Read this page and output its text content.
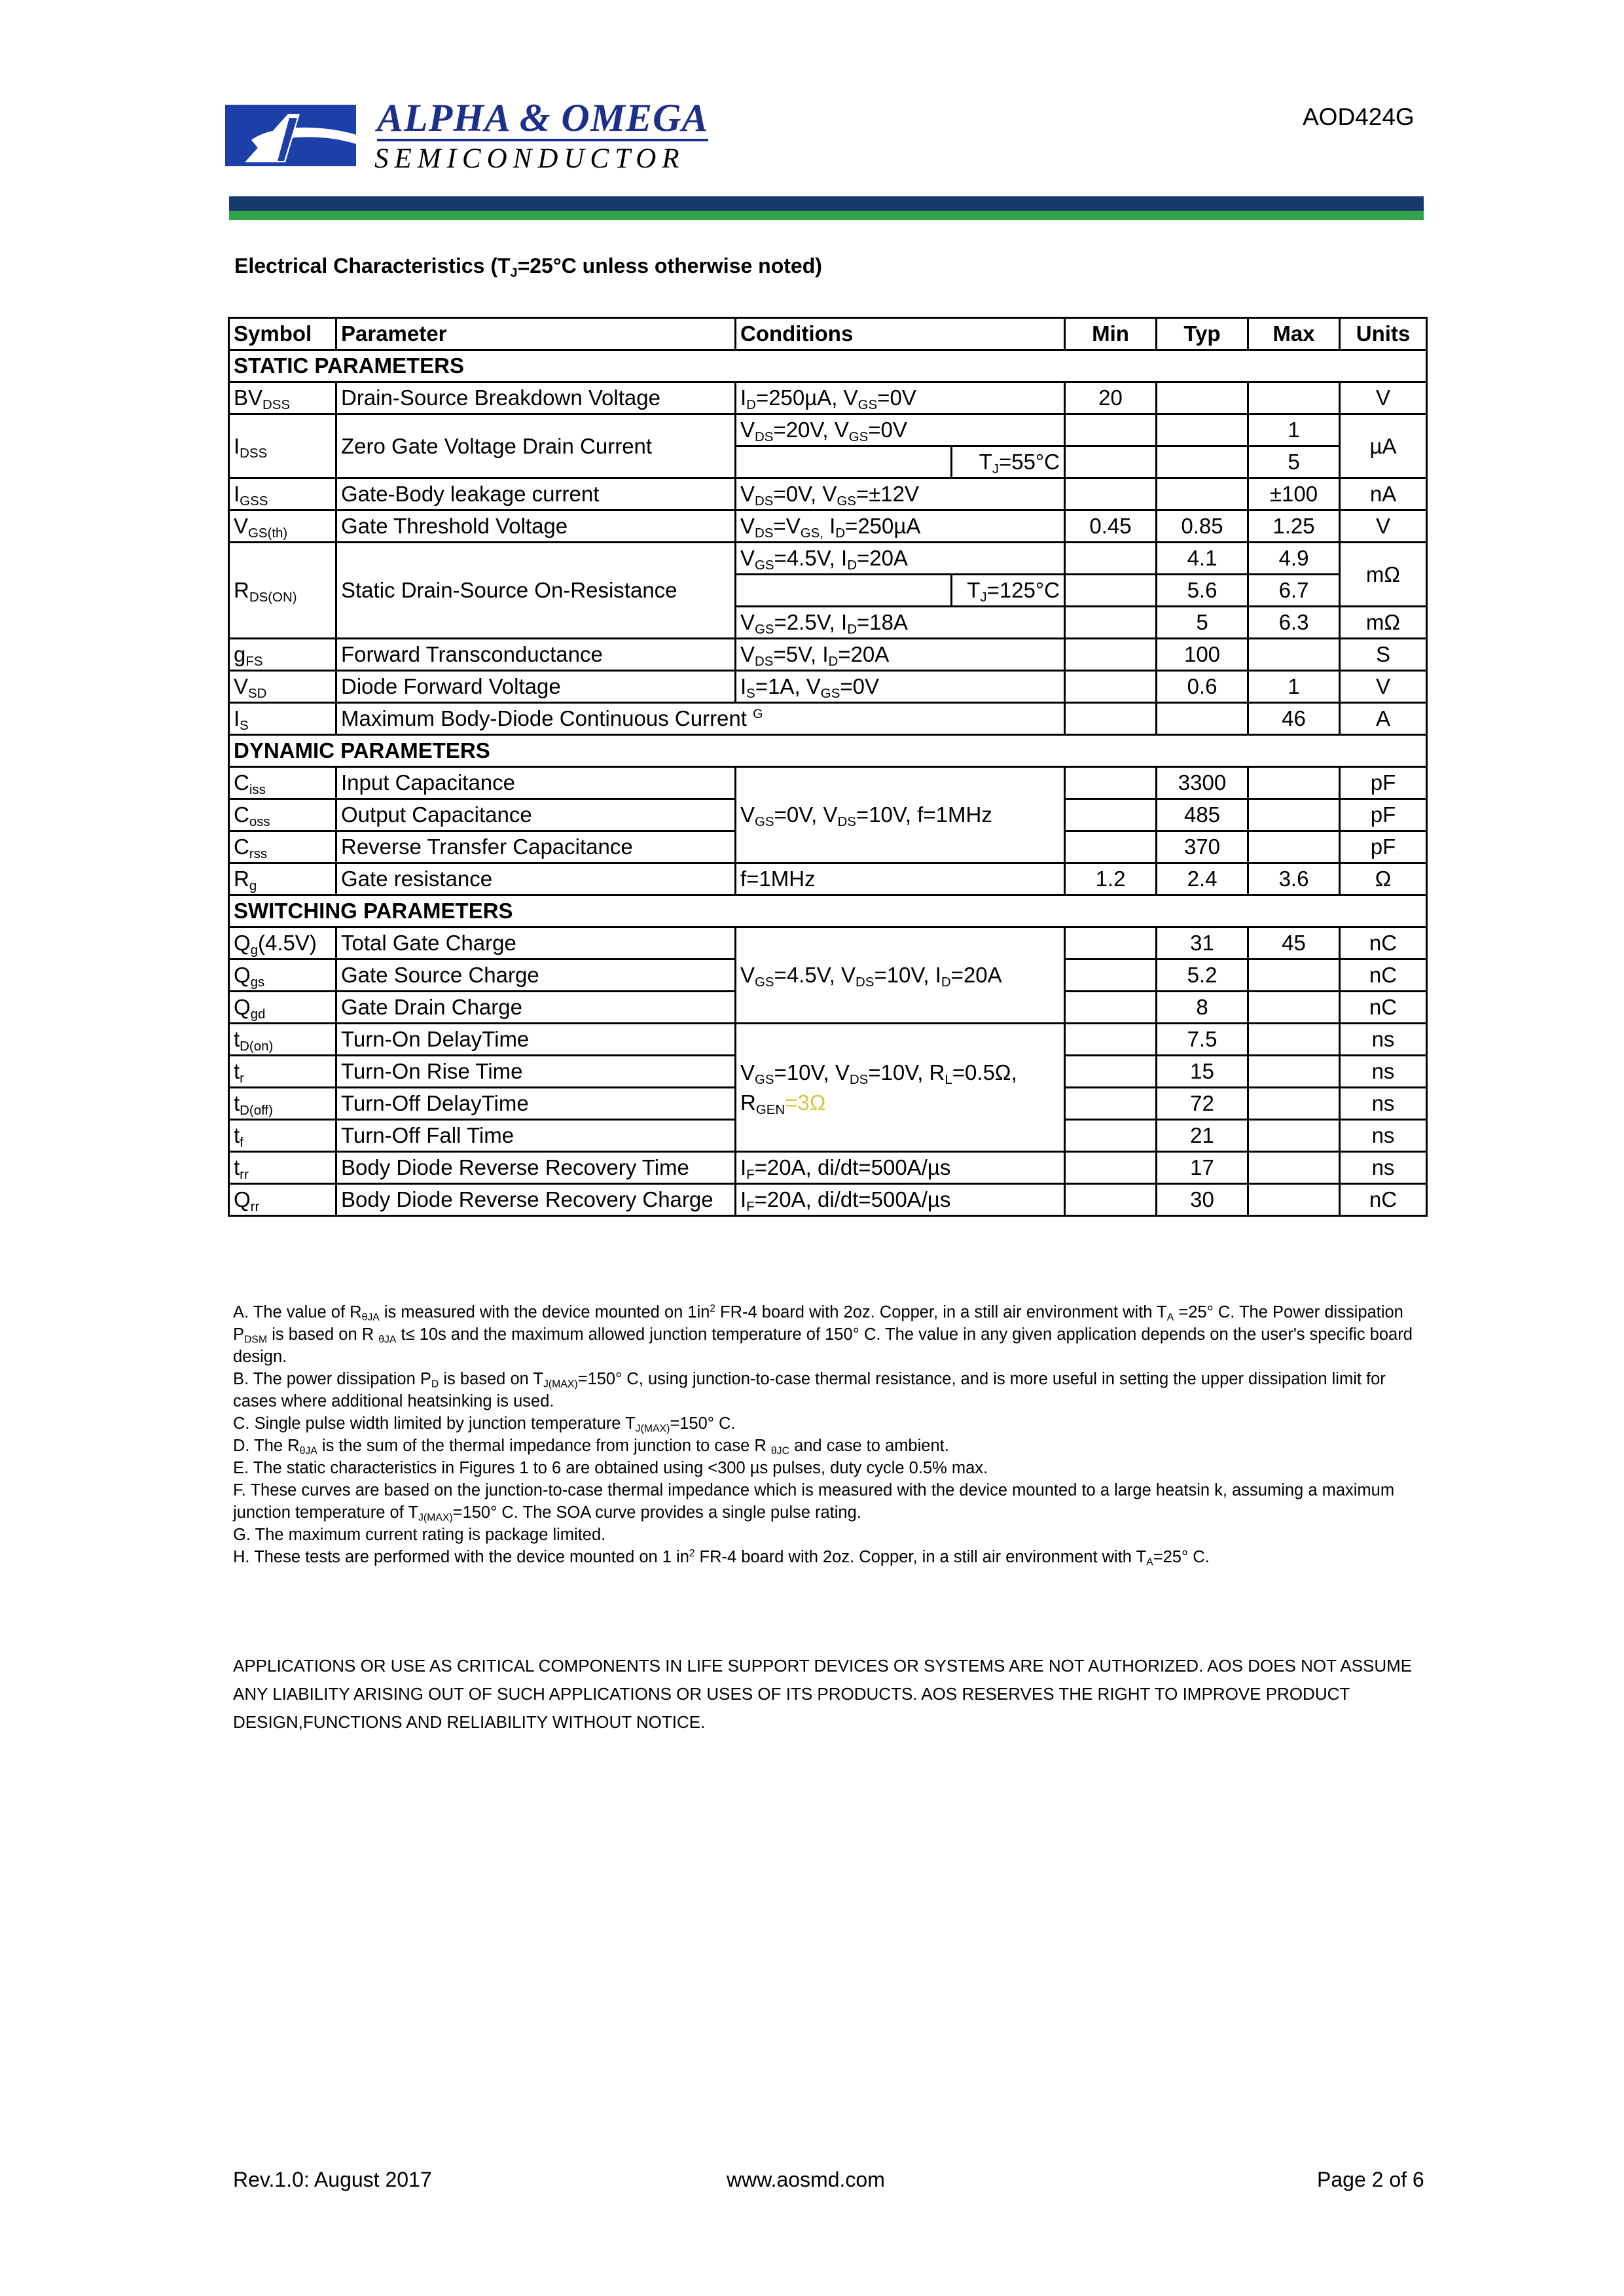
ALPHA & OMEGA
SEMICONDUCTOR
AOD424G
Electrical Characteristics ($T_J=25^\circ C$ unless otherwise noted)
Symbol	Parameter	Conditions		Min	Typ	Max	Units
STATIC PARAMETERS							
$BV_{DSS}$	Drain-Source Breakdown Voltage	$I_D=250\mu A$, $V_{GS}=0V$		20			V
$I_{DSS}$	Zero Gate Voltage Drain Current	$V_{DS}=20V$, $V_{GS}=0V$				1	µA
			$T_J=55^\circ C$			5	
$I_{GSS}$	Gate-Body leakage current	$V_{DS}=0V$, $V_{GS}=\pm 12V$				±100	nA
$V_{GS(th)}$	Gate Threshold Voltage	$V_{DS}=V_{GS,}$ $I_D=250\mu A$		0.45	0.85	1.25	V
$R_{DS(ON)}$	Static Drain-Source On-Resistance	$V_{GS}=4.5V$, $I_D=20A$			4.1	4.9	mΩ
			$T_J=125^\circ C$		5.6	6.7	
		$V_{GS}=2.5V$, $I_D=18A$			5	6.3	mΩ
$g_{FS}$	Forward Transconductance	$V_{DS}=5V$, $I_D=20A$			100		S
$V_{SD}$	Diode Forward Voltage	$I_S=1A$, $V_{GS}=0V$			0.6	1	V
$I_S$	Maximum Body-Diode Continuous Current $^G$					46	A
DYNAMIC PARAMETERS							
$C_{iss}$	Input Capacitance	$V_{GS}=0V$, $V_{DS}=10V$, f=1MHz			3300		pF
$C_{oss}$	Output Capacitance				485		pF
$C_{rss}$	Reverse Transfer Capacitance				370		pF
$R_g$	Gate resistance	f=1MHz		1.2	2.4	3.6	Ω
SWITCHING PARAMETERS							
$Q_g(4.5V)$	Total Gate Charge	$V_{GS}=4.5V$, $V_{DS}=10V$, $I_D=20A$			31	45	nC
$Q_{gs}$	Gate Source Charge				5.2		nC
$Q_{gd}$	Gate Drain Charge				8		nC
$t_{D(on)}$	Turn-On DelayTime	$V_{GS}=10V$, $V_{DS}=10V$, $R_L=0.5\Omega$, $R_{GEN}=3\Omega$			7.5		ns
$t_r$	Turn-On Rise Time				15		ns
$t_{D(off)}$	Turn-Off DelayTime				72		ns
$t_f$	Turn-Off Fall Time				21		ns
$t_{rr}$	Body Diode Reverse Recovery Time	$I_F=20A$, di/dt=500A/µs			17		ns
$Q_{rr}$	Body Diode Reverse Recovery Charge	$I_F=20A$, di/dt=500A/µs			30		nC

A. The value of $R_{\theta JA}$ is measured with the device mounted on $1in^2$ FR-4 board with 2oz. Copper, in a still air environment with $T_A =25^\circ$ C. The Power dissipation $P_{DSM}$ is based on R $_{\theta JA}$ t≤ 10s and the maximum allowed junction temperature of 150° C. The value in any given application depends on the user's specific board design.

B. The power dissipation $P_D$ is based on $T_{J(MAX)}=150^\circ$ C, using junction-to-case thermal resistance, and is more useful in setting the upper dissipation limit for cases where additional heatsinking is used.

C. Single pulse width limited by junction temperature $T_{J(MAX)}=150^\circ$ C.

D. The $R_{\theta JA}$ is the sum of the thermal impedance from junction to case R $_{\theta JC}$ and case to ambient.

E. The static characteristics in Figures 1 to 6 are obtained using <300 µs pulses, duty cycle 0.5% max.

F. These curves are based on the junction-to-case thermal impedance which is measured with the device mounted to a large heatsin k, assuming a maximum junction temperature of $T_{J(MAX)}=150^\circ$ C. The SOA curve provides a single pulse rating.

G. The maximum current rating is package limited.

H. These tests are performed with the device mounted on 1 $in^2$ FR-4 board with 2oz. Copper, in a still air environment with $T_A=25^\circ$ C.

APPLICATIONS OR USE AS CRITICAL COMPONENTS IN LIFE SUPPORT DEVICES OR SYSTEMS ARE NOT AUTHORIZED. AOS DOES NOT ASSUME ANY LIABILITY ARISING OUT OF SUCH APPLICATIONS OR USES OF ITS PRODUCTS. AOS RESERVES THE RIGHT TO IMPROVE PRODUCT DESIGN,FUNCTIONS AND RELIABILITY WITHOUT NOTICE.
Rev.1.0: August 2017	www.aosmd.com	Page 2 of 6
